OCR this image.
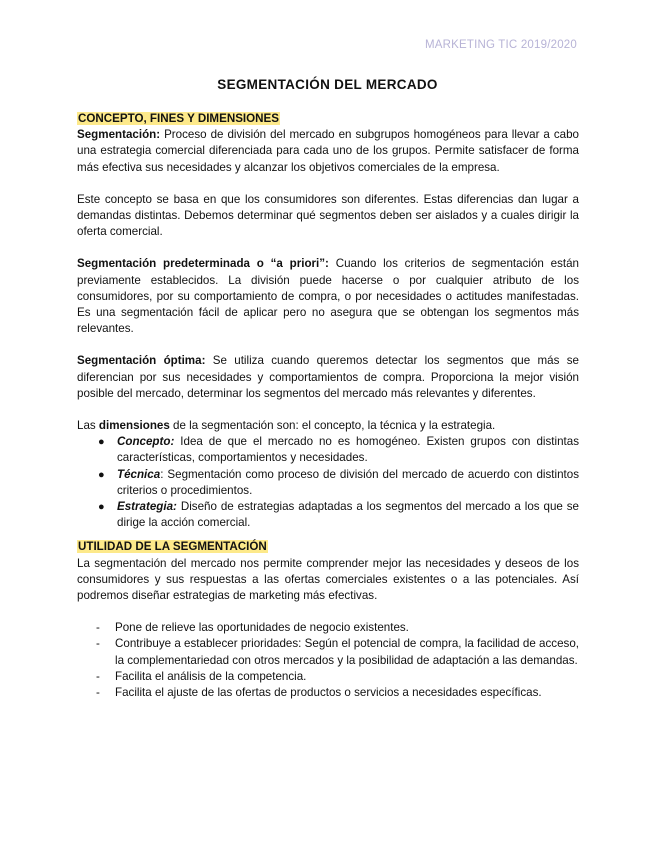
MARKETING TIC 2019/2020
SEGMENTACIÓN DEL MERCADO
CONCEPTO, FINES Y DIMENSIONES

Segmentación: Proceso de división del mercado en subgrupos homogéneos para llevar a cabo una estrategia comercial diferenciada para cada uno de los grupos. Permite satisfacer de forma más efectiva sus necesidades y alcanzar los objetivos comerciales de la empresa.

Este concepto se basa en que los consumidores son diferentes. Estas diferencias dan lugar a demandas distintas. Debemos determinar qué segmentos deben ser aislados y a cuales dirigir la oferta comercial.

Segmentación predeterminada o “a priori”: Cuando los criterios de segmentación están previamente establecidos. La división puede hacerse o por cualquier atributo de los consumidores, por su comportamiento de compra, o por necesidades o actitudes manifestadas. Es una segmentación fácil de aplicar pero no asegura que se obtengan los segmentos más relevantes.

Segmentación óptima: Se utiliza cuando queremos detectar los segmentos que más se diferencian por sus necesidades y comportamientos de compra. Proporciona la mejor visión posible del mercado, determinar los segmentos del mercado más relevantes y diferentes.

Las dimensiones de la segmentación son: el concepto, la técnica y la estrategia.

● Concepto: Idea de que el mercado no es homogéneo. Existen grupos con distintas características, comportamientos y necesidades.
● Técnica: Segmentación como proceso de división del mercado de acuerdo con distintos criterios o procedimientos.
● Estrategia: Diseño de estrategias adaptadas a los segmentos del mercado a los que se dirige la acción comercial.
UTILIDAD DE LA SEGMENTACIÓN

La segmentación del mercado nos permite comprender mejor las necesidades y deseos de los consumidores y sus respuestas a las ofertas comerciales existentes o a las potenciales. Así podremos diseñar estrategias de marketing más efectivas.

- Pone de relieve las oportunidades de negocio existentes.
- Contribuye a establecer prioridades: Según el potencial de compra, la facilidad de acceso, la complementariedad con otros mercados y la posibilidad de adaptación a las demandas.
- Facilita el análisis de la competencia.
- Facilita el ajuste de las ofertas de productos o servicios a necesidades específicas.
